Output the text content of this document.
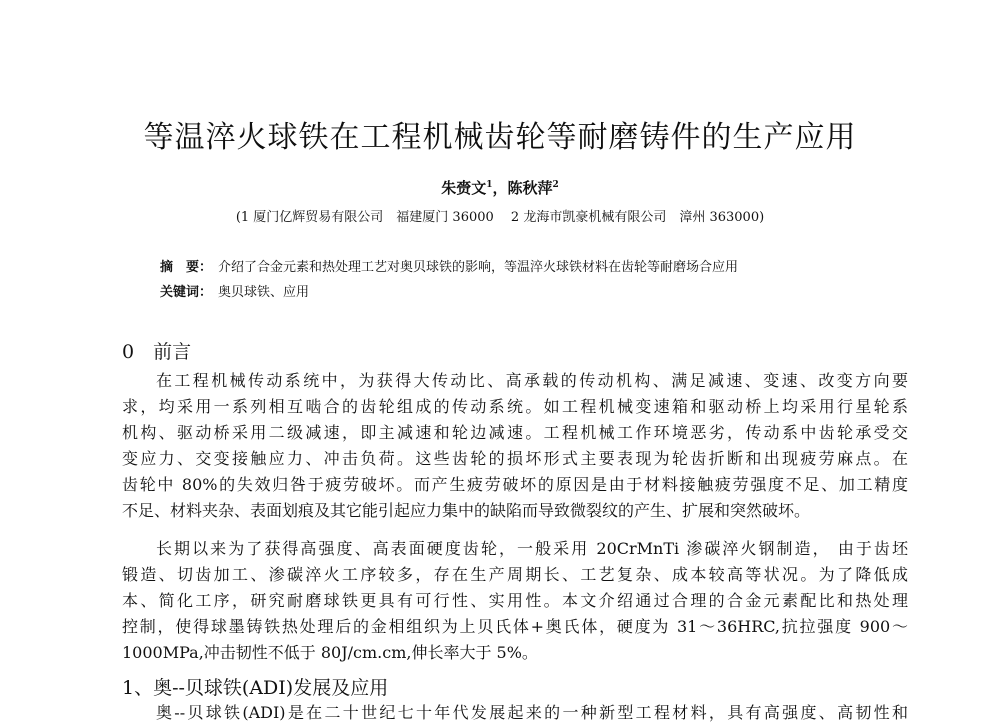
等温淬火球铁在工程机械齿轮等耐磨铸件的生产应用
朱赍文$^1$，陈秋萍$^2$
(1 厦门亿辉贸易有限公司　福建厦门 36000　 2 龙海市凯豪机械有限公司　漳州 363000)
摘　要： 介绍了合金元素和热处理工艺对奥贝球铁的影响，等温淬火球铁材料在齿轮等耐磨场合应用
关键词： 奥贝球铁、应用
0　前言
在工程机械传动系统中，为获得大传动比、高承载的传动机构、满足减速、变速、改变方向要
求，均采用一系列相互啮合的齿轮组成的传动系统。如工程机械变速箱和驱动桥上均采用行星轮系
机构、驱动桥采用二级减速，即主减速和轮边减速。工程机械工作环境恶劣，传动系中齿轮承受交
变应力、交变接触应力、冲击负荷。这些齿轮的损坏形式主要表现为轮齿折断和出现疲劳麻点。在
齿轮中 80%的失效归咎于疲劳破坏。而产生疲劳破坏的原因是由于材料接触疲劳强度不足、加工精度
不足、材料夹杂、表面划痕及其它能引起应力集中的缺陷而导致微裂纹的产生、扩展和突然破坏。
长期以来为了获得高强度、高表面硬度齿轮，一般采用 20CrMnTi 渗碳淬火钢制造， 由于齿坯
锻造、切齿加工、渗碳淬火工序较多，存在生产周期长、工艺复杂、成本较高等状况。为了降低成
本、简化工序，研究耐磨球铁更具有可行性、实用性。本文介绍通过合理的合金元素配比和热处理
控制，使得球墨铸铁热处理后的金相组织为上贝氏体+奥氏体，硬度为 31～36HRC,抗拉强度 900～
1000MPa,冲击韧性不低于 80J/cm.cm,伸长率大于 5%。
1、奥--贝球铁(ADI)发展及应用
奥--贝球铁(ADI)是在二十世纪七十年代发展起来的一种新型工程材料，具有高强度、高韧性和
